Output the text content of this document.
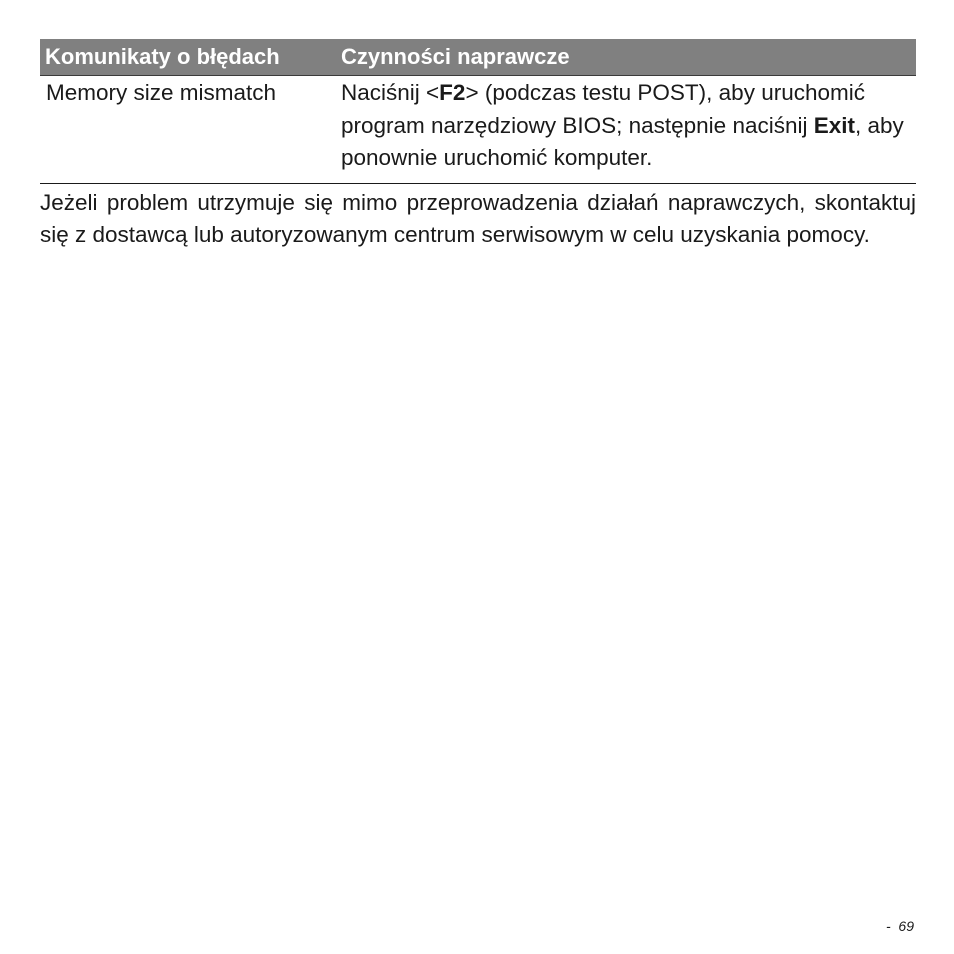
Komunikaty o błędach	Czynności naprawcze
Memory size mismatch	Naciśnij <F2> (podczas testu POST), aby uruchomić program narzędziowy BIOS; następnie naciśnij Exit, aby ponownie uruchomić komputer.

Jeżeli problem utrzymuje się mimo przeprowadzenia działań naprawczych, skontaktuj się z dostawcą lub autoryzowanym centrum serwisowym w celu uzyskania pomocy.

- 69
